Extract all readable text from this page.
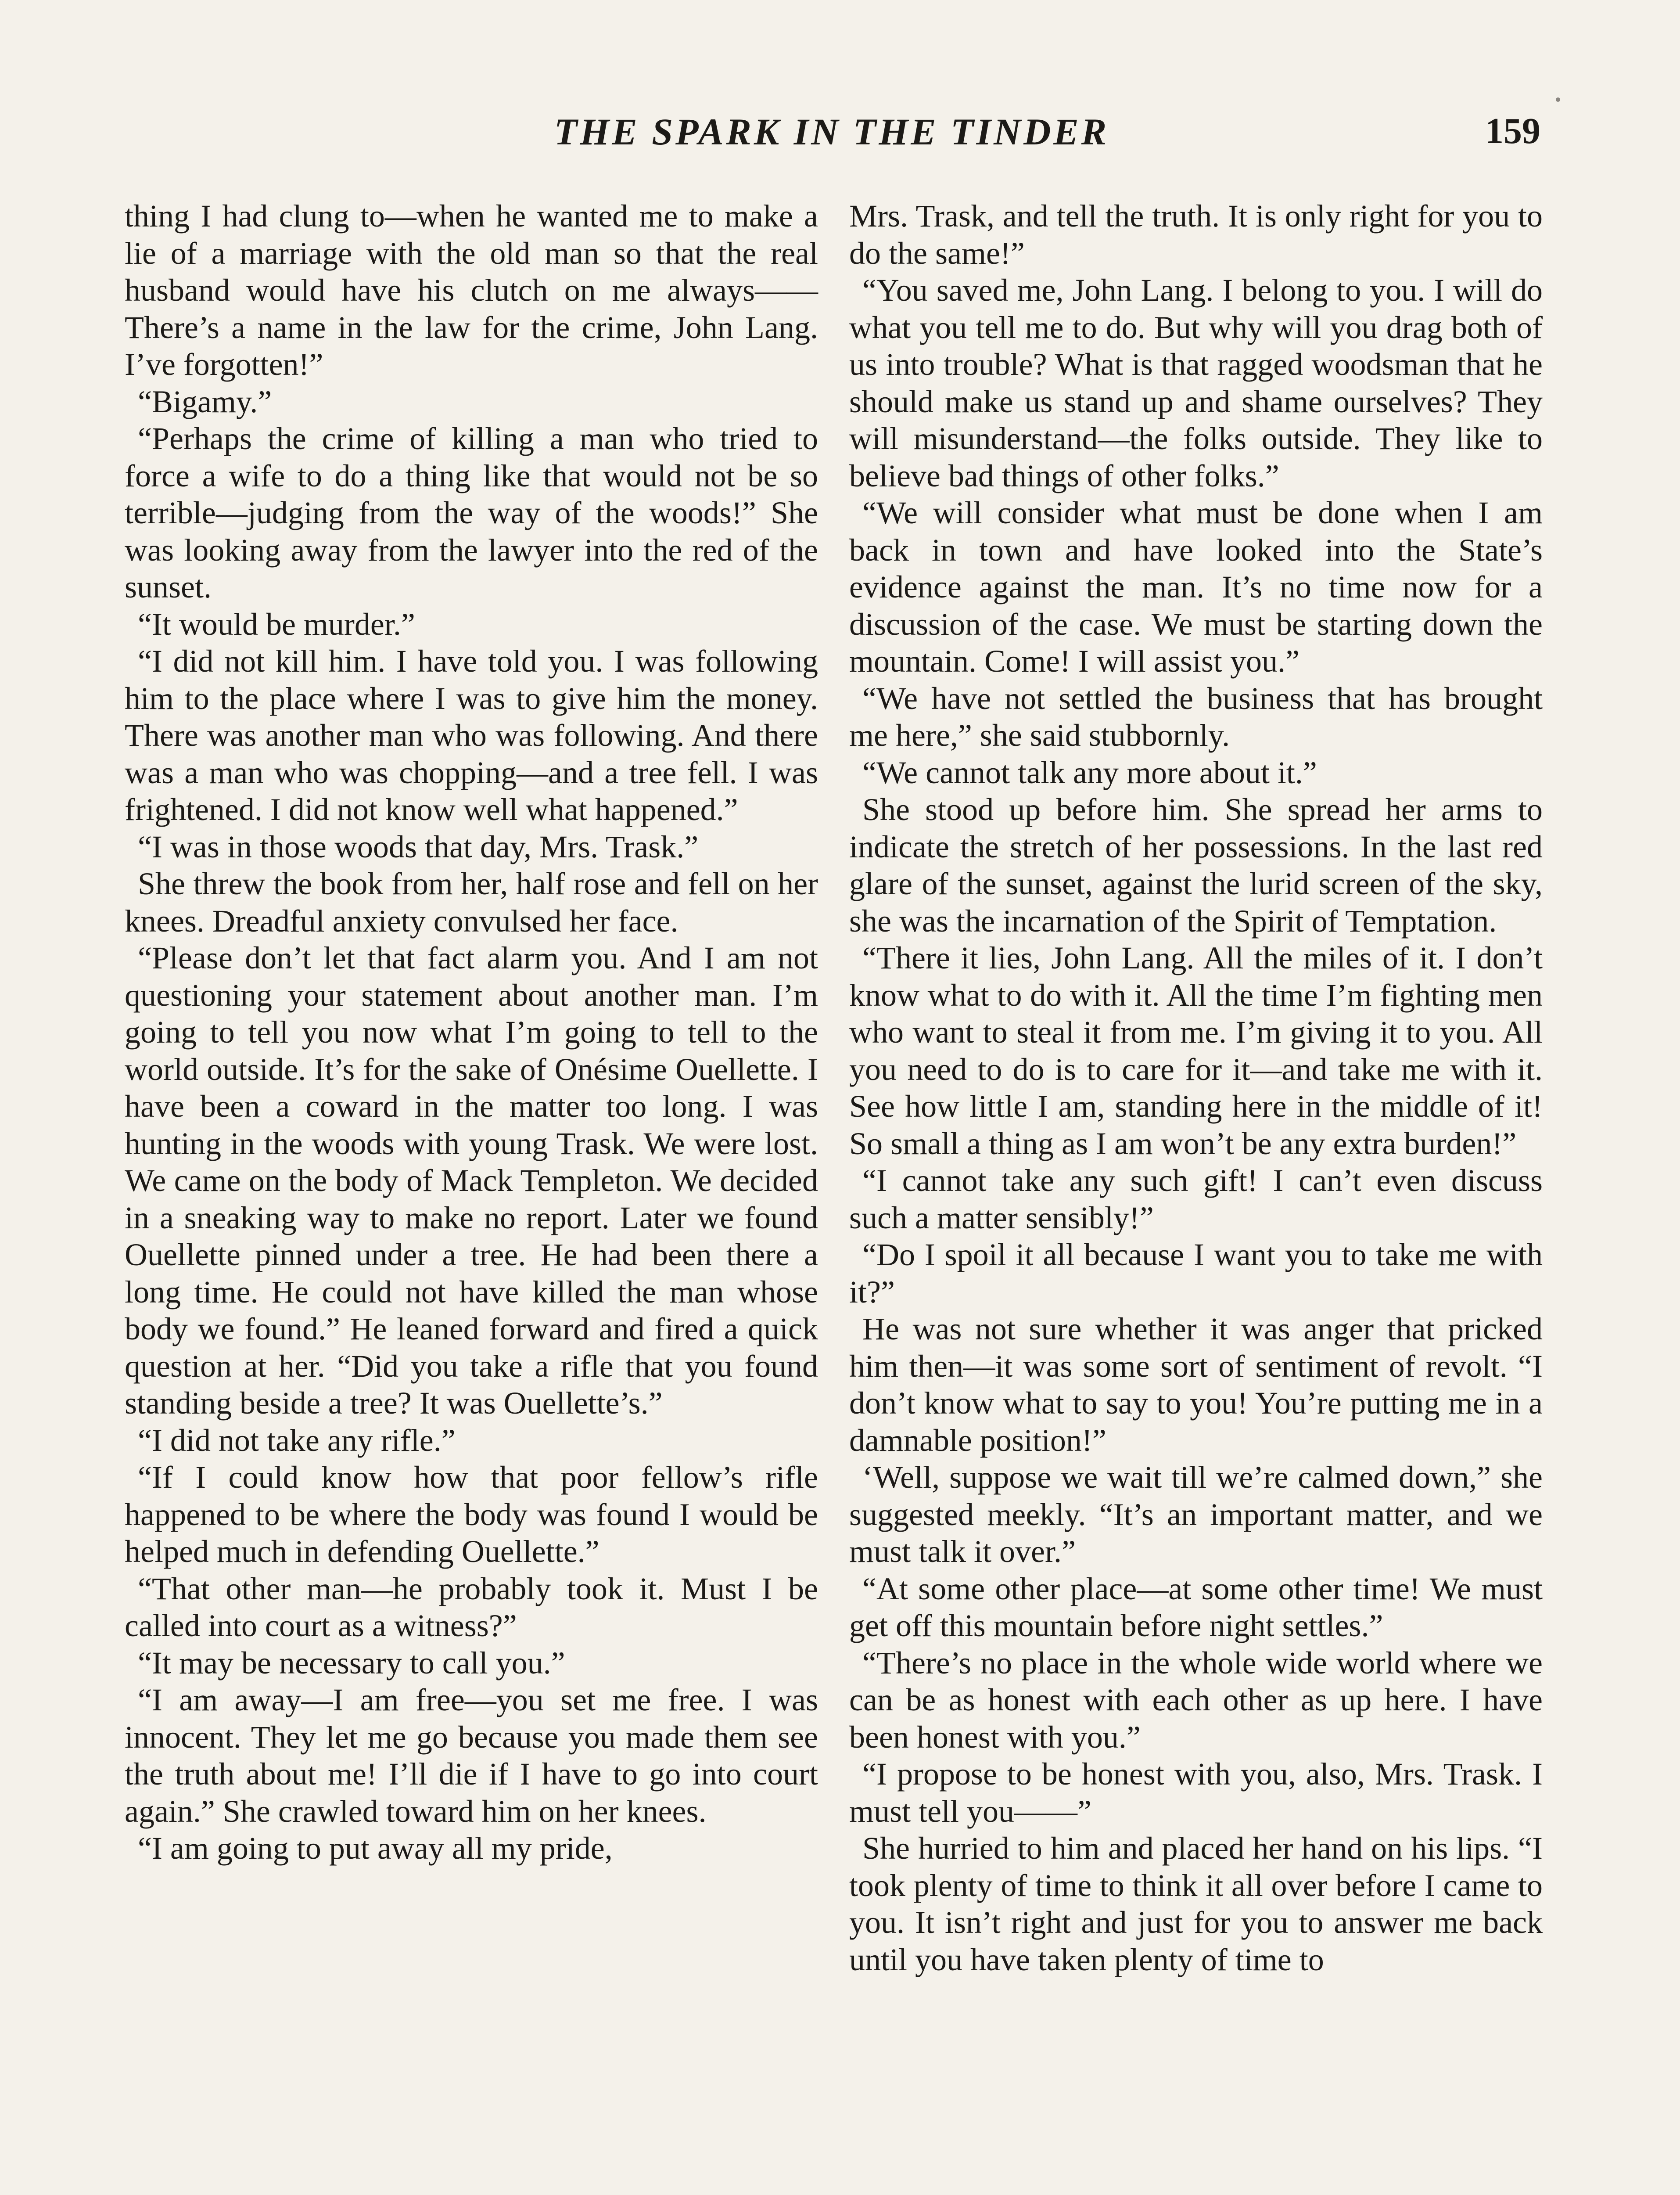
THE SPARK IN THE TINDER	159

thing I had clung to—when he wanted me to make a lie of a marriage with the old man so that the real husband would have his clutch on me always—— There’s a name in the law for the crime, John Lang. I’ve forgotten!”

“Bigamy.”

“Perhaps the crime of killing a man who tried to force a wife to do a thing like that would not be so terrible—judging from the way of the woods!” She was looking away from the lawyer into the red of the sunset.

“It would be murder.”

“I did not kill him. I have told you. I was following him to the place where I was to give him the money. There was another man who was following. And there was a man who was chopping—and a tree fell. I was frightened. I did not know well what happened.”

“I was in those woods that day, Mrs. Trask.”

She threw the book from her, half rose and fell on her knees. Dreadful anxiety convulsed her face.

“Please don’t let that fact alarm you. And I am not questioning your statement about another man. I’m going to tell you now what I’m going to tell to the world outside. It’s for the sake of Onésime Ouellette. I have been a coward in the matter too long. I was hunting in the woods with young Trask. We were lost. We came on the body of Mack Templeton. We decided in a sneaking way to make no report. Later we found Ouellette pinned under a tree. He had been there a long time. He could not have killed the man whose body we found.” He leaned forward and fired a quick question at her. “Did you take a rifle that you found standing beside a tree? It was Ouellette’s.”

“I did not take any rifle.”

“If I could know how that poor fellow’s rifle happened to be where the body was found I would be helped much in defending Ouellette.”

“That other man—he probably took it. Must I be called into court as a witness?”

“It may be necessary to call you.”

“I am away—I am free—you set me free. I was innocent. They let me go because you made them see the truth about me! I’ll die if I have to go into court again.” She crawled toward him on her knees.

“I am going to put away all my pride,

Mrs. Trask, and tell the truth. It is only right for you to do the same!”

“You saved me, John Lang. I belong to you. I will do what you tell me to do. But why will you drag both of us into trouble? What is that ragged woodsman that he should make us stand up and shame ourselves? They will misunderstand—the folks outside. They like to believe bad things of other folks.”

“We will consider what must be done when I am back in town and have looked into the State’s evidence against the man. It’s no time now for a discussion of the case. We must be starting down the mountain. Come! I will assist you.”

“We have not settled the business that has brought me here,” she said stubbornly.

“We cannot talk any more about it.”

She stood up before him. She spread her arms to indicate the stretch of her possessions. In the last red glare of the sunset, against the lurid screen of the sky, she was the incarnation of the Spirit of Temptation.

“There it lies, John Lang. All the miles of it. I don’t know what to do with it. All the time I’m fighting men who want to steal it from me. I’m giving it to you. All you need to do is to care for it—and take me with it. See how little I am, standing here in the middle of it! So small a thing as I am won’t be any extra burden!”

“I cannot take any such gift! I can’t even discuss such a matter sensibly!”

“Do I spoil it all because I want you to take me with it?”

He was not sure whether it was anger that pricked him then—it was some sort of sentiment of revolt. “I don’t know what to say to you! You’re putting me in a damnable position!”

‘Well, suppose we wait till we’re calmed down,” she suggested meekly. “It’s an important matter, and we must talk it over.”

“At some other place—at some other time! We must get off this mountain before night settles.”

“There’s no place in the whole wide world where we can be as honest with each other as up here. I have been honest with you.”

“I propose to be honest with you, also, Mrs. Trask. I must tell you——”

She hurried to him and placed her hand on his lips. “I took plenty of time to think it all over before I came to you. It isn’t right and just for you to answer me back until you have taken plenty of time to
